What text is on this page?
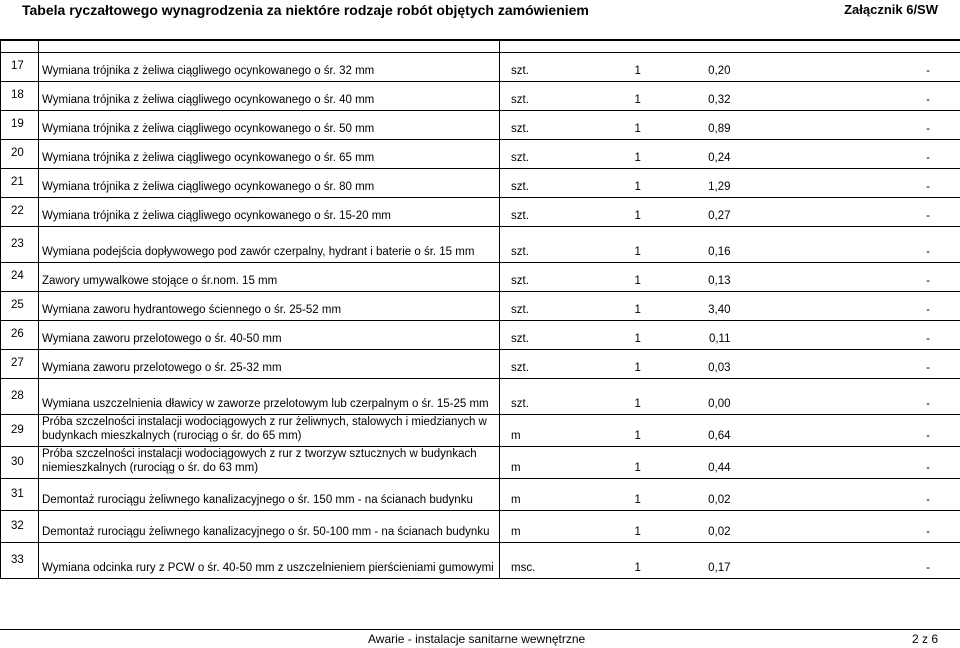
Tabela ryczałtowego wynagrodzenia za niektóre rodzaje robót objętych zamówieniem	Załącznik 6/SW

17	Wymiana trójnika z żeliwa ciągliwego ocynkowanego o śr. 32 mm	szt.	1	0,20	-
18	Wymiana trójnika z żeliwa ciągliwego ocynkowanego o śr. 40 mm	szt.	1	0,32	-
19	Wymiana trójnika z żeliwa ciągliwego ocynkowanego o śr. 50 mm	szt.	1	0,89	-
20	Wymiana trójnika z żeliwa ciągliwego ocynkowanego o śr. 65 mm	szt.	1	0,24	-
21	Wymiana trójnika z żeliwa ciągliwego ocynkowanego o śr. 80 mm	szt.	1	1,29	-
22	Wymiana trójnika z żeliwa ciągliwego ocynkowanego o śr. 15-20 mm	szt.	1	0,27	-
23	Wymiana podejścia dopływowego pod zawór czerpalny, hydrant i baterie o śr. 15 mm	szt.	1	0,16	-
24	Zawory umywalkowe stojące o śr.nom. 15 mm	szt.	1	0,13	-
25	Wymiana zaworu hydrantowego ściennego o śr. 25-52 mm	szt.	1	3,40	-
26	Wymiana zaworu przelotowego o śr. 40-50 mm	szt.	1	0,11	-
27	Wymiana zaworu przelotowego o śr. 25-32 mm	szt.	1	0,03	-
28	Wymiana uszczelnienia dławicy w zaworze przelotowym lub czerpalnym o śr. 15-25 mm	szt.	1	0,00	-
29	Próba szczelności instalacji wodociągowych z rur żeliwnych, stalowych i miedzianych w budynkach mieszkalnych (rurociąg o śr. do 65 mm)	m	1	0,64	-
30	Próba szczelności instalacji wodociągowych z rur z tworzyw sztucznych w budynkach niemieszkalnych (rurociąg o śr. do 63 mm)	m	1	0,44	-
31	Demontaż rurociągu żeliwnego kanalizacyjnego o śr. 150 mm - na ścianach budynku	m	1	0,02	-
32	Demontaż rurociągu żeliwnego kanalizacyjnego o śr. 50-100 mm - na ścianach budynku	m	1	0,02	-
33	Wymiana odcinka rury z PCW o śr. 40-50 mm z uszczelnieniem pierścieniami gumowymi	msc.	1	0,17	-
Awarie - instalacje sanitarne wewnętrzne	2 z 6
